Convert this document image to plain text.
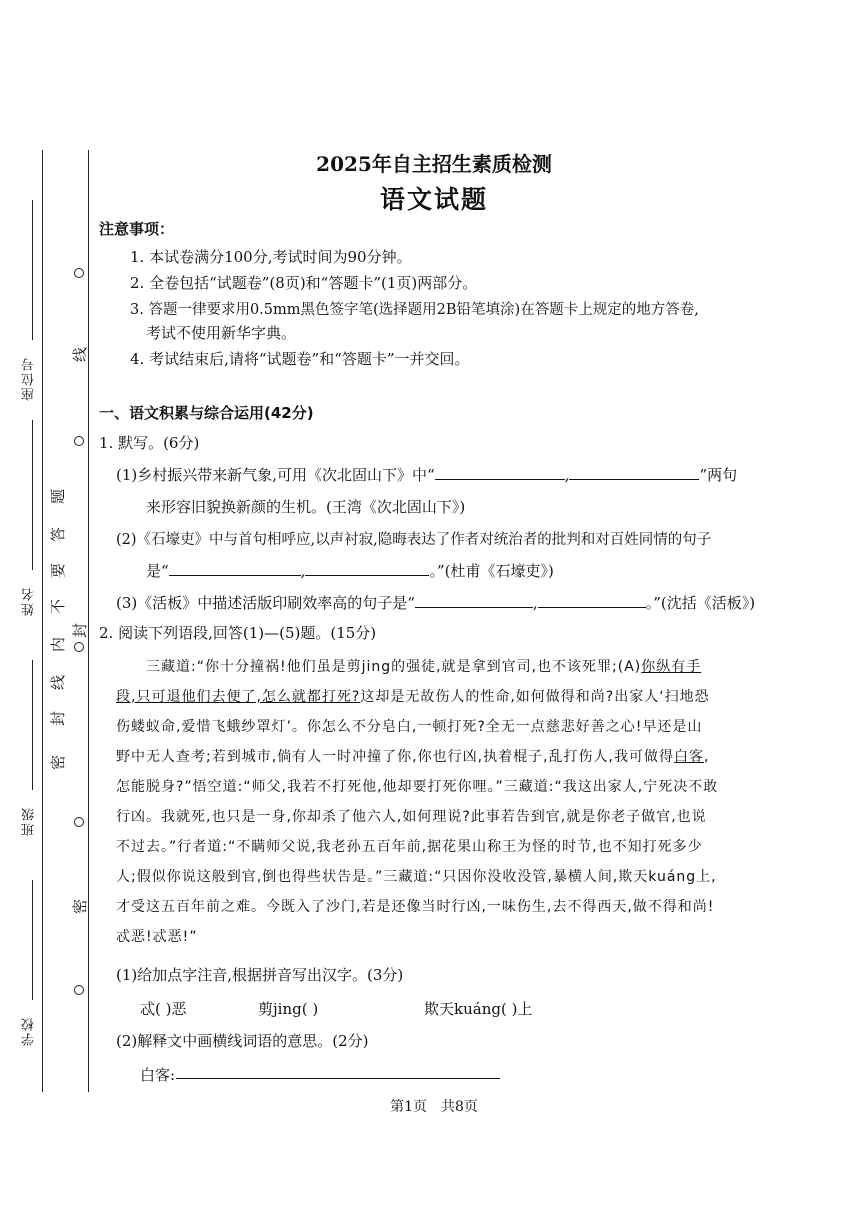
座位号
姓名
班级
学校
密
封
线
内
不
要
答
题
线
封
密
2025年自主招生素质检测
语文试题
注意事项：
1. 本试卷满分100分,考试时间为90分钟。
2. 全卷包括“试题卷”(8页)和“答题卡”(1页)两部分。
3. 答题一律要求用0.5mm黑色签字笔(选择题用2B铅笔填涂)在答题卡上规定的地方答卷,
考试不使用新华字典。
4. 考试结束后,请将“试题卷”和“答题卡”一并交回。
一、语文积累与综合运用(42分)
1. 默写。(6分)
(1)乡村振兴带来新气象,可用《次北固山下》中“	,	”两句
来形容旧貌换新颜的生机。(王湾《次北固山下》)
(2)《石壕吏》中与首句相呼应,以声衬寂,隐晦表达了作者对统治者的批判和对百姓同情的句子
是“	,	。”(杜甫《石壕吏》)
(3)《活板》中描述活版印刷效率高的句子是“	,	。”(沈括《活板》)
2. 阅读下列语段,回答(1)—(5)题。(15分)
三藏道:“你十分撞祸!他们虽是剪jing的强徒,就是拿到官司,也不该死罪;(A)你纵有手
段,只可退他们去便了,怎么就都打死?这却是无故伤人的性命,如何做得和尚?出家人‘扫地恐
伤蝼蚁命,爱惜飞蛾纱罩灯’。你怎么不分皂白,一顿打死?全无一点慈悲好善之心!早还是山
野中无人查考;若到城市,倘有人一时冲撞了你,你也行凶,执着棍子,乱打伤人,我可做得白客,
怎能脱身?”悟空道:“师父,我若不打死他,他却要打死你哩。”三藏道:“我这出家人,宁死决不敢
行凶。我就死,也只是一身,你却杀了他六人,如何理说?此事若告到官,就是你老子做官,也说
不过去。”行者道:“不瞒师父说,我老孙五百年前,据花果山称王为怪的时节,也不知打死多少
人;假似你说这般到官,倒也得些状告是。”三藏道:“只因你没收没管,暴横人间,欺天kuáng上,
才受这五百年前之难。今既入了沙门,若是还像当时行凶,一味伤生,去不得西天,做不得和尚!
忒恶!忒恶!”
(1)给加点字注音,根据拼音写出汉字。(3分)
忒( )恶	剪jing( )	欺天kuáng( )上
(2)解释文中画横线词语的意思。(2分)
白客:
第1页　共8页
